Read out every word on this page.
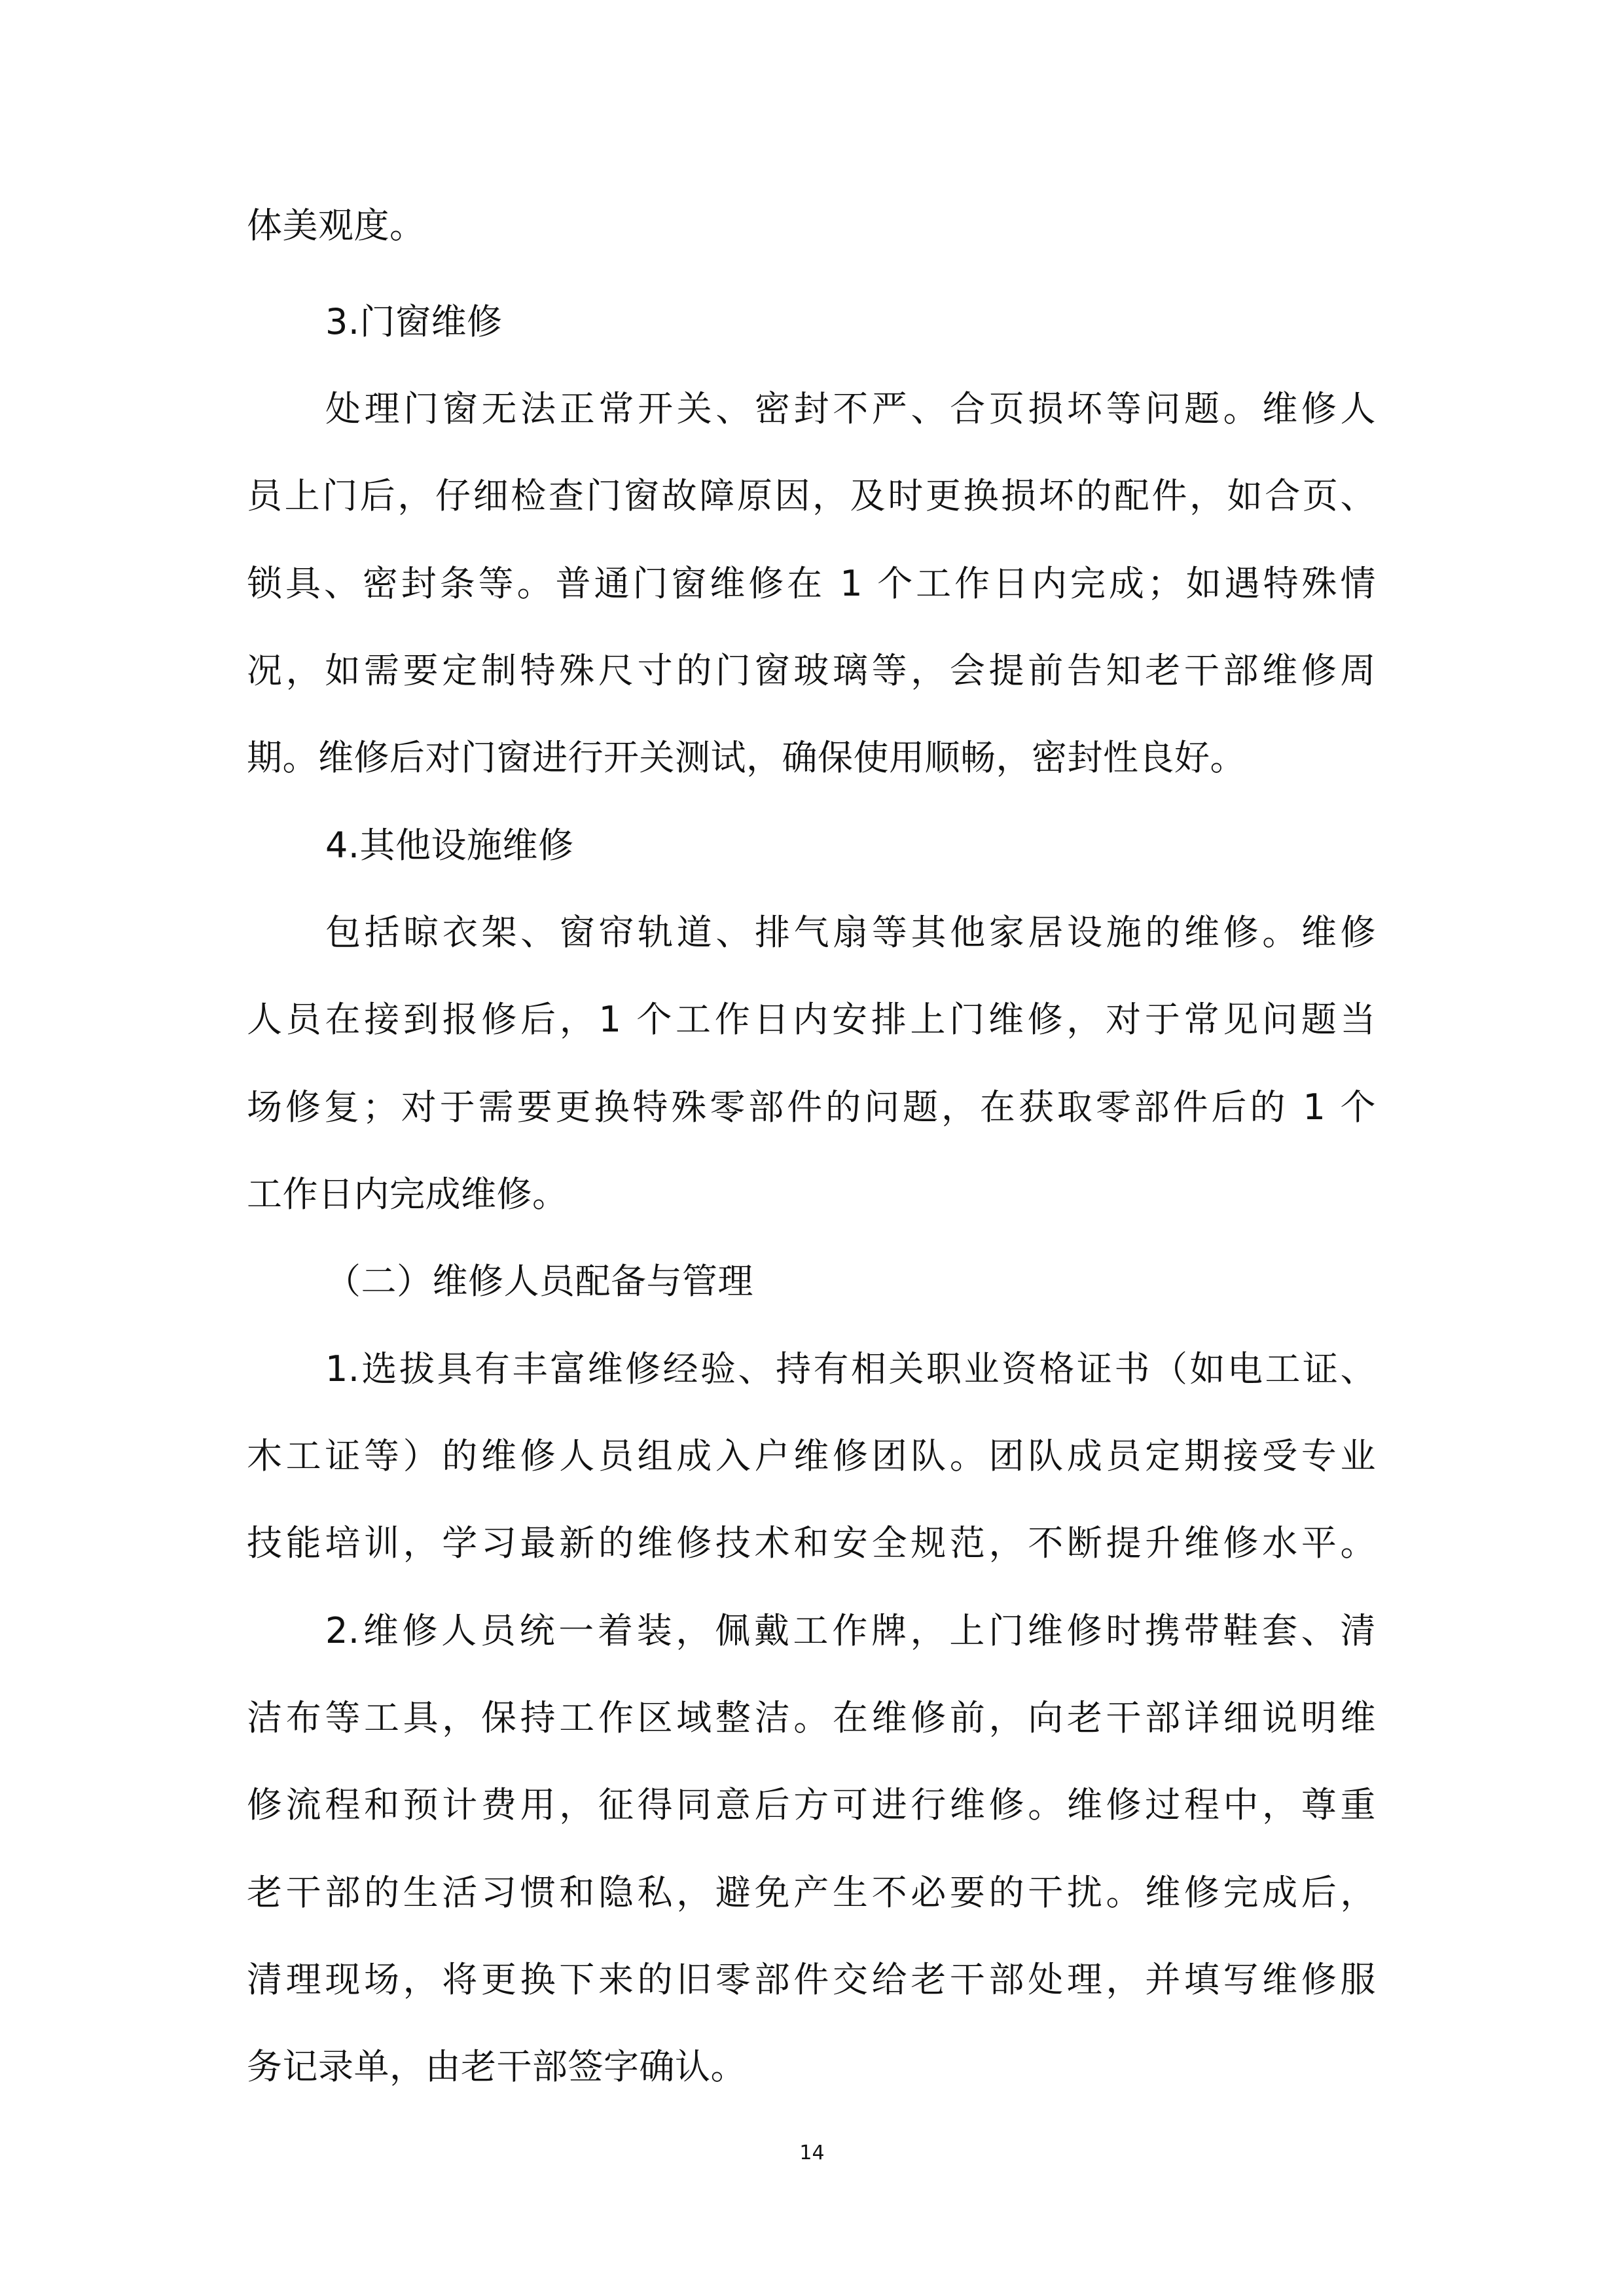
体美观度。

3.门窗维修

处理门窗无法正常开关、密封不严、合页损坏等问题。维修人

员上门后，仔细检查门窗故障原因，及时更换损坏的配件，如合页、

锁具、密封条等。普通门窗维修在 1 个工作日内完成；如遇特殊情

况，如需要定制特殊尺寸的门窗玻璃等，会提前告知老干部维修周

期。维修后对门窗进行开关测试，确保使用顺畅，密封性良好。

4.其他设施维修

包括晾衣架、窗帘轨道、排气扇等其他家居设施的维修。维修

人员在接到报修后，1 个工作日内安排上门维修，对于常见问题当

场修复；对于需要更换特殊零部件的问题，在获取零部件后的 1 个

工作日内完成维修。

（二）维修人员配备与管理

1.选拔具有丰富维修经验、持有相关职业资格证书（如电工证、

木工证等）的维修人员组成入户维修团队。团队成员定期接受专业

技能培训，学习最新的维修技术和安全规范，不断提升维修水平。

2.维修人员统一着装，佩戴工作牌，上门维修时携带鞋套、清

洁布等工具，保持工作区域整洁。在维修前，向老干部详细说明维

修流程和预计费用，征得同意后方可进行维修。维修过程中，尊重

老干部的生活习惯和隐私，避免产生不必要的干扰。维修完成后，

清理现场，将更换下来的旧零部件交给老干部处理，并填写维修服

务记录单，由老干部签字确认。

14
